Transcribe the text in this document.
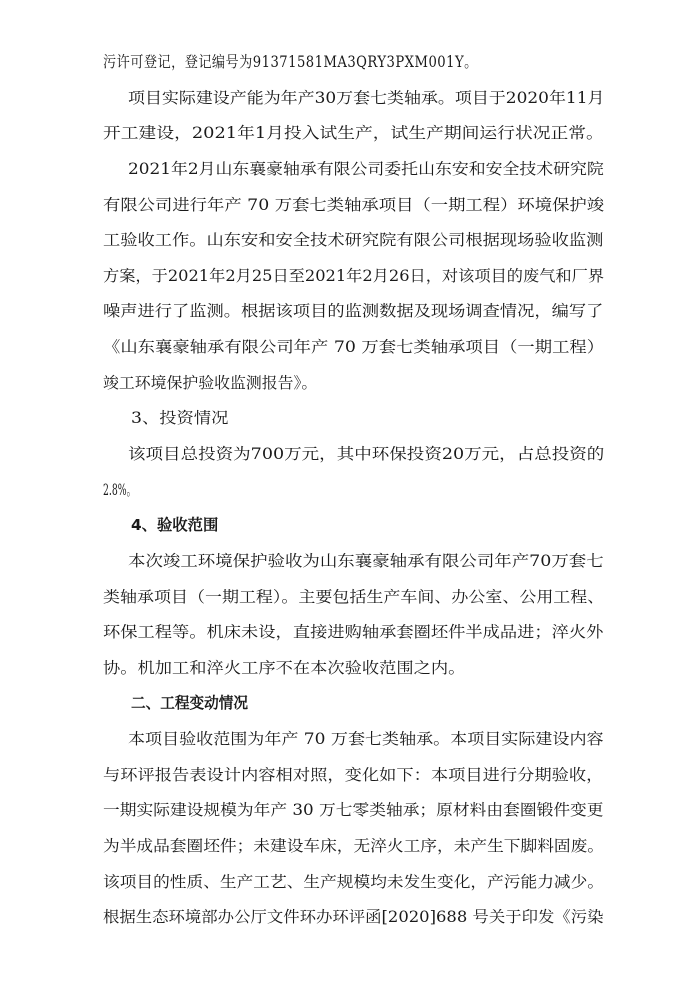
污许可登记，登记编号为91371581MA3QRY3PXM001Y。

项目实际建设产能为年产30万套七类轴承。项目于2020年11月

开工建设，2021年1月投入试生产，试生产期间运行状况正常。

2021年2月山东襄豪轴承有限公司委托山东安和安全技术研究院

有限公司进行年产 70 万套七类轴承项目（一期工程）环境保护竣

工验收工作。山东安和安全技术研究院有限公司根据现场验收监测

方案，于2021年2月25日至2021年2月26日，对该项目的废气和厂界

噪声进行了监测。根据该项目的监测数据及现场调查情况，编写了

《山东襄豪轴承有限公司年产 70 万套七类轴承项目（一期工程）

竣工环境保护验收监测报告》。

3、投资情况

该项目总投资为700万元，其中环保投资20万元，占总投资的

2.8%。

4、验收范围

本次竣工环境保护验收为山东襄豪轴承有限公司年产70万套七

类轴承项目（一期工程）。主要包括生产车间、办公室、公用工程、

环保工程等。机床未设，直接进购轴承套圈坯件半成品进；淬火外

协。机加工和淬火工序不在本次验收范围之内。

二、工程变动情况

本项目验收范围为年产 70 万套七类轴承。本项目实际建设内容

与环评报告表设计内容相对照，变化如下：本项目进行分期验收，

一期实际建设规模为年产 30 万七零类轴承；原材料由套圈锻件变更

为半成品套圈坯件；未建设车床，无淬火工序，未产生下脚料固废。

该项目的性质、生产工艺、生产规模均未发生变化，产污能力减少。

根据生态环境部办公厅文件环办环评函[2020]688 号关于印发《污染
